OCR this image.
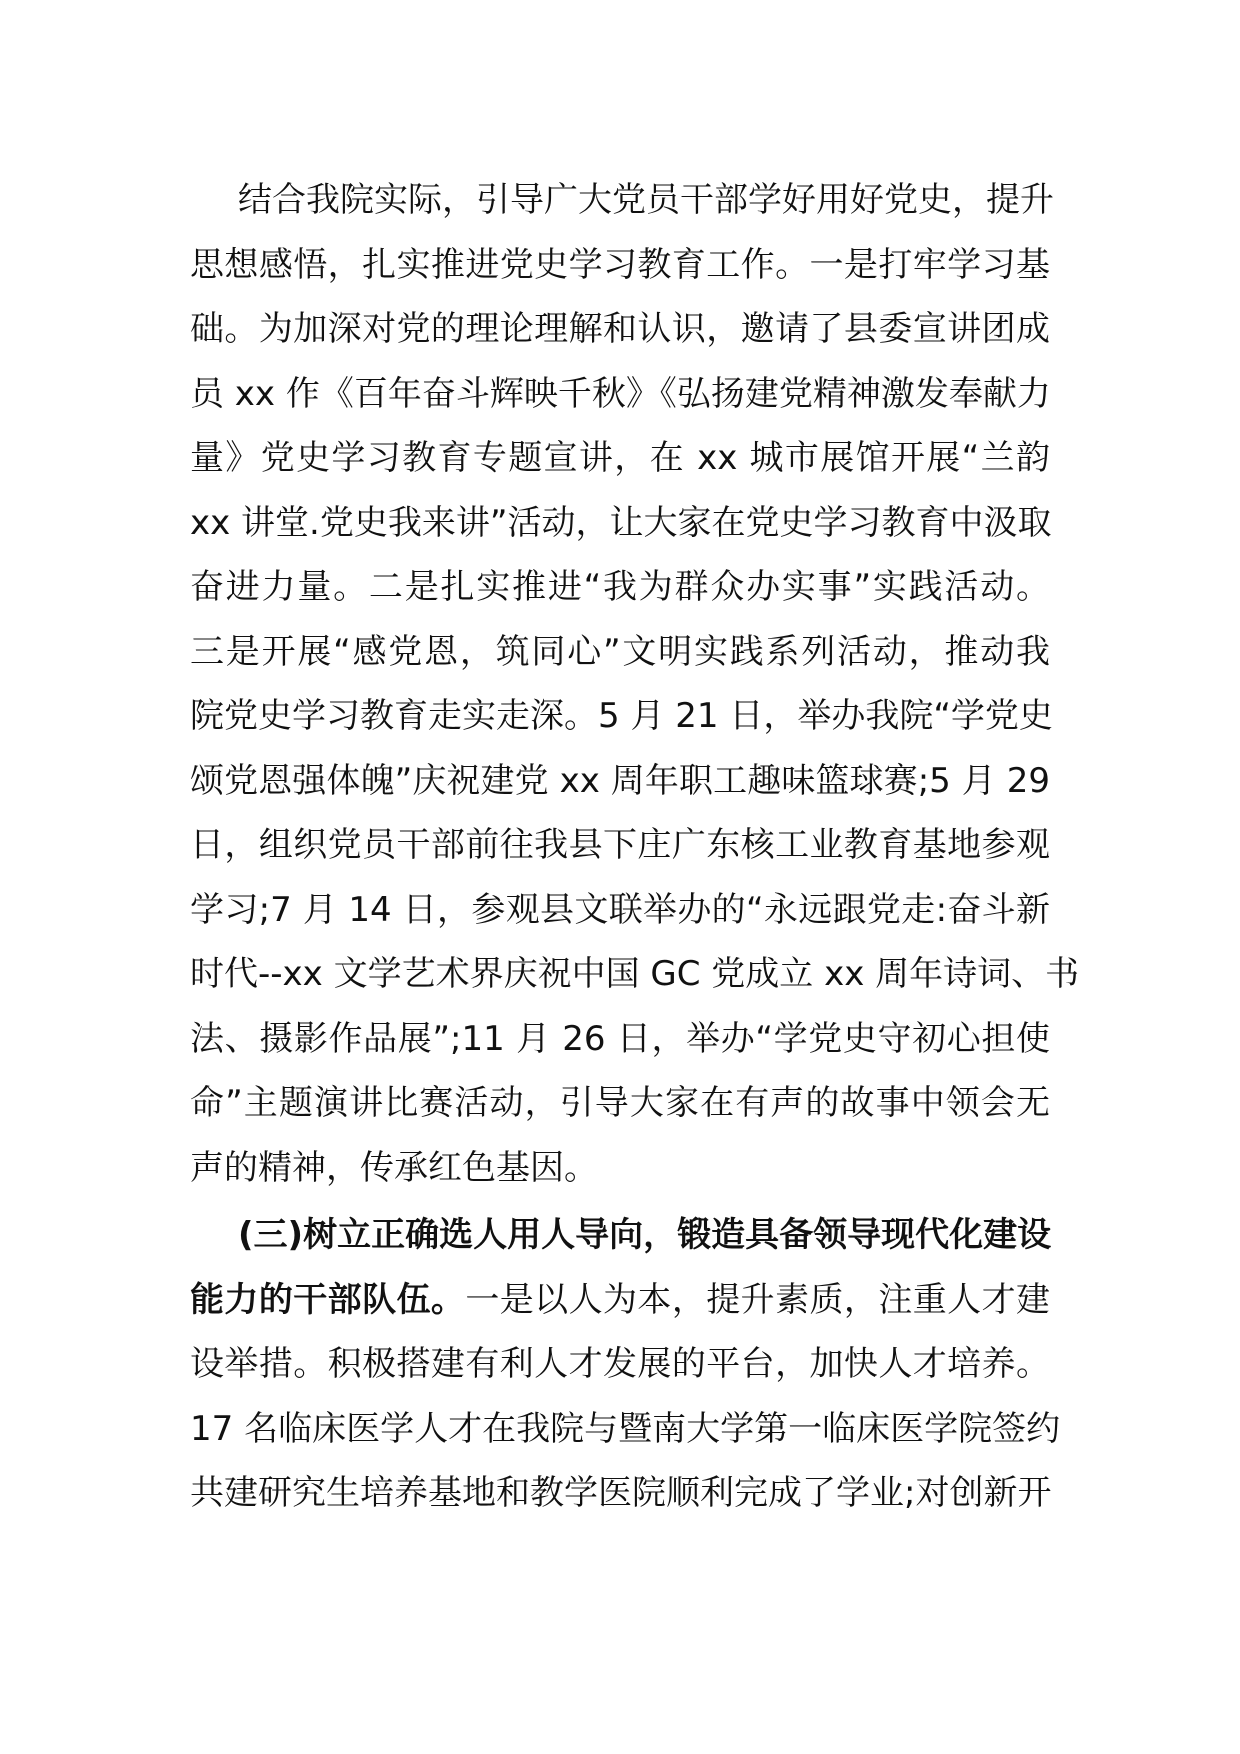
结合我院实际，引导广大党员干部学好用好党史，提升
思想感悟，扎实推进党史学习教育工作。一是打牢学习基
础。为加深对党的理论理解和认识，邀请了县委宣讲团成
员 xx 作《百年奋斗辉映千秋》《弘扬建党精神激发奉献力
量》党史学习教育专题宣讲，在 xx 城市展馆开展“兰韵
xx 讲堂.党史我来讲”活动，让大家在党史学习教育中汲取
奋进力量。二是扎实推进“我为群众办实事”实践活动。
三是开展“感党恩，筑同心”文明实践系列活动，推动我
院党史学习教育走实走深。5 月 21 日，举办我院“学党史
颂党恩强体魄”庆祝建党 xx 周年职工趣味篮球赛;5 月 29
日，组织党员干部前往我县下庄广东核工业教育基地参观
学习;7 月 14 日，参观县文联举办的“永远跟党走:奋斗新
时代--xx 文学艺术界庆祝中国 GC 党成立 xx 周年诗词、书
法、摄影作品展”;11 月 26 日，举办“学党史守初心担使
命”主题演讲比赛活动，引导大家在有声的故事中领会无
声的精神，传承红色基因。
(三)树立正确选人用人导向，锻造具备领导现代化建设
能力的干部队伍。一是以人为本，提升素质，注重人才建
设举措。积极搭建有利人才发展的平台，加快人才培养。
17 名临床医学人才在我院与暨南大学第一临床医学院签约
共建研究生培养基地和教学医院顺利完成了学业;对创新开
